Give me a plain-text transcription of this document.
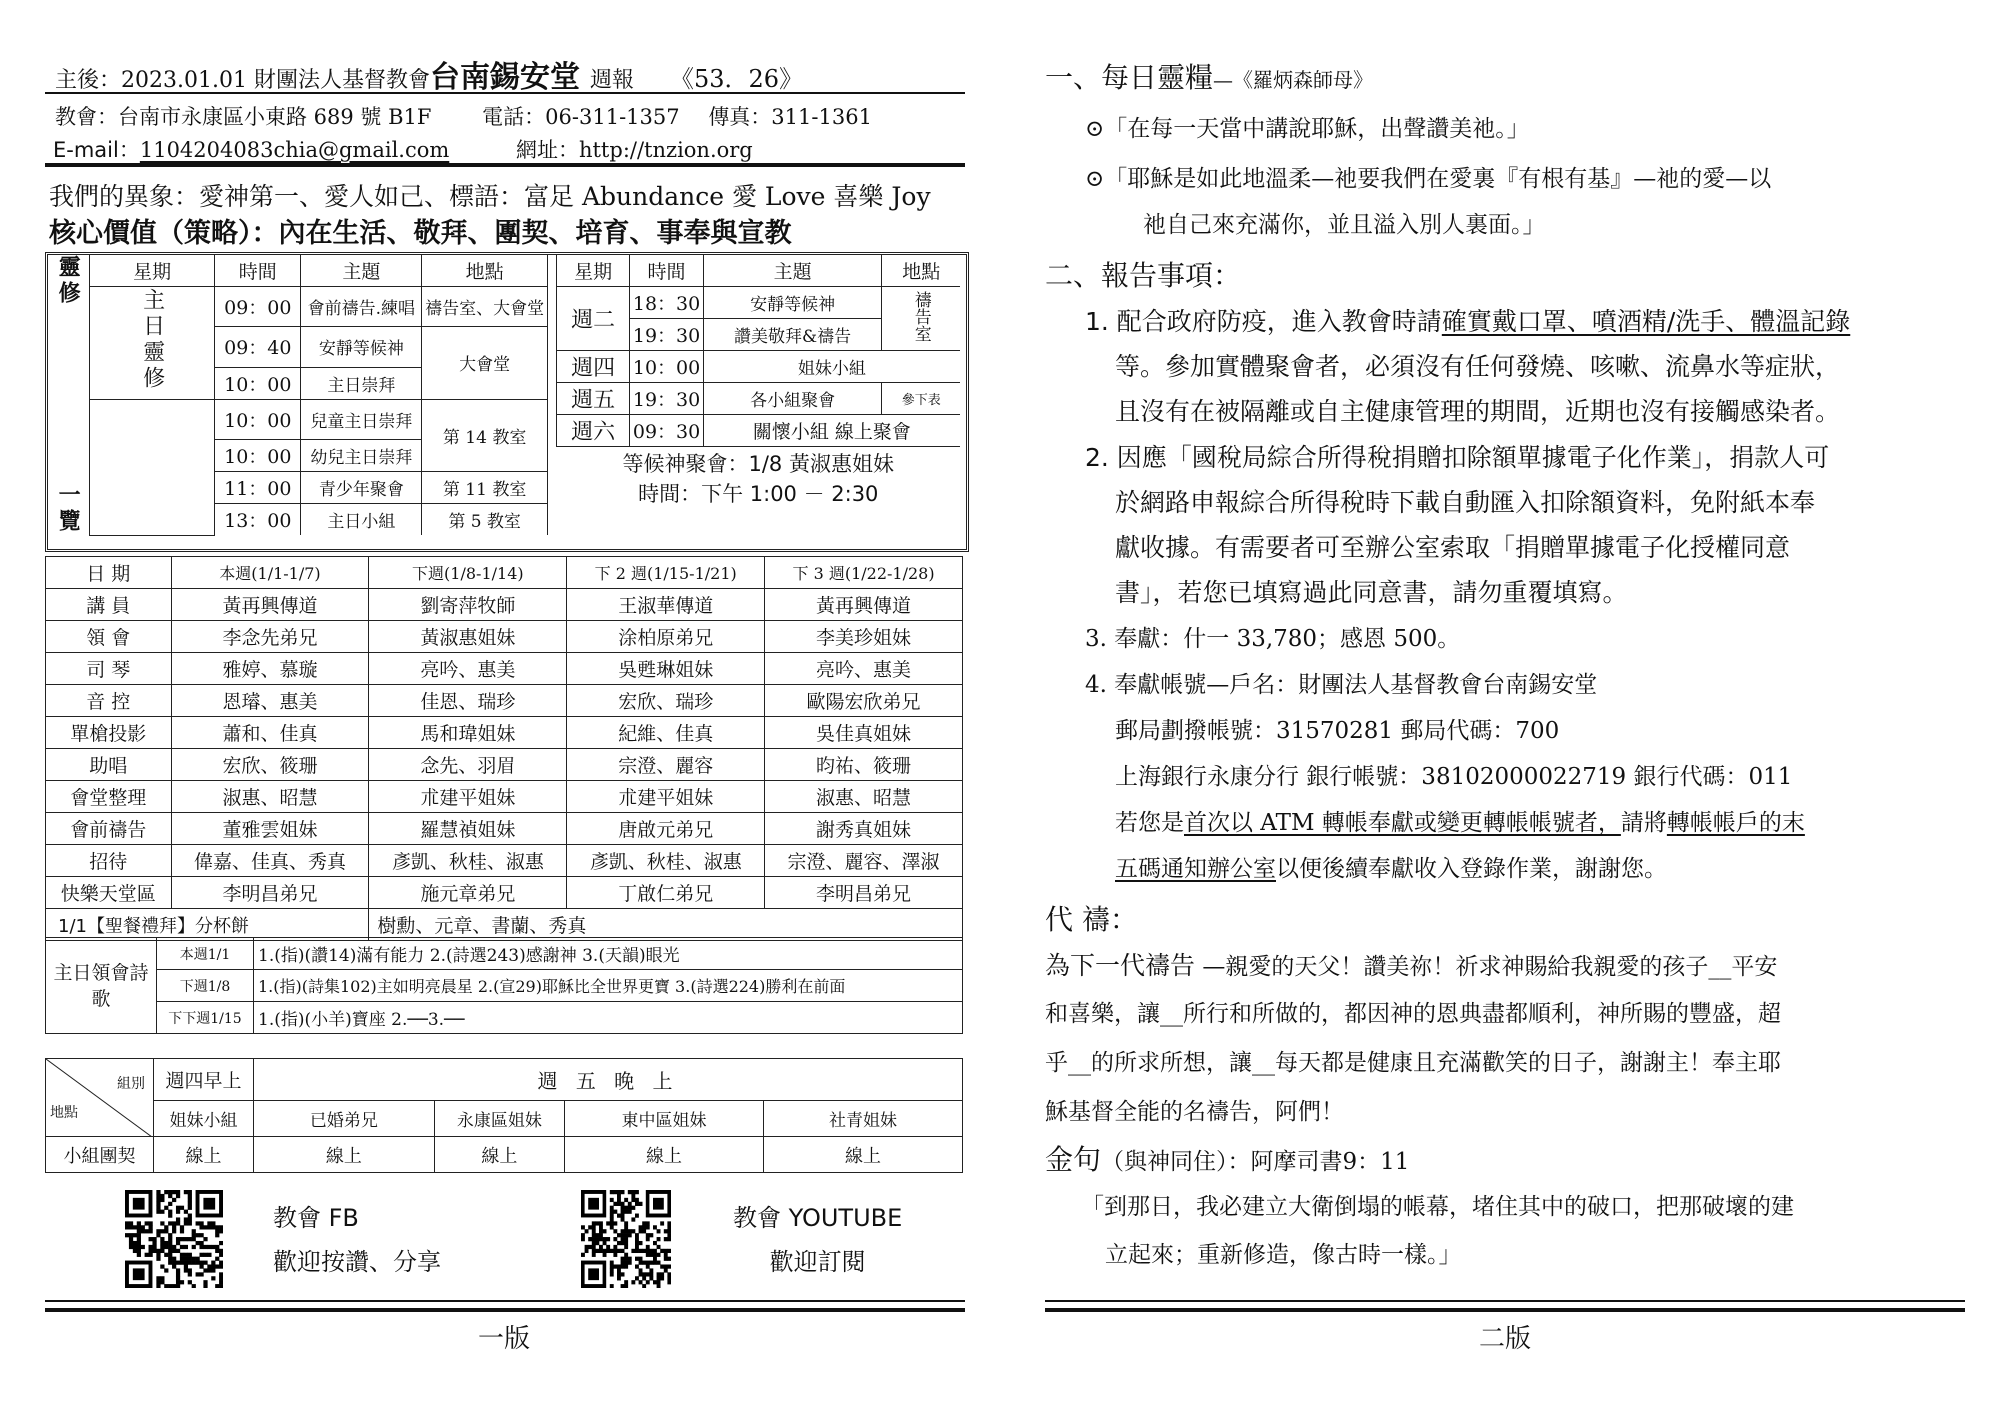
主後：2023.01.01 財團法人基督教會台南錫安堂 週報 《53．26》
教會：台南市永康區小東路 689 號 B1F 電話：06-311-1357 傳真：311-1361
E-mail：1104204083chia@gmail.com	網址：http://tnzion.org
我們的異象：愛神第一、愛人如己、標語：富足 Abundance 愛 Love 喜樂 Joy
核心價值（策略）：內在生活、敬拜、團契、培育、事奉與宣教
靈修
一覽	星期	時間	主題	地點
	主日靈修	09：00	會前禱告.練唱	禱告室、大會堂
		09：40	安靜等候神	大會堂
		10：00	主日崇拜	
		10：00	兒童主日崇拜	第 14 教室
		10：00	幼兒主日崇拜	
		11：00	青少年聚會	第 11 教室
		13：00	主日小組	第 5 教室
星期	時間	主題	地點
週二	18：30	安靜等候神	禱告室
	19：30	讚美敬拜&禱告	
週四	10：00	姐妹小組	
週五	19：30	各小組聚會	參下表
週六	09：30	關懷小組 線上聚會	

等候神聚會：1/8 黃淑惠姐妹
時間：下午 1:00 － 2:30			
日 期	本週(1/1-1/7)	下週(1/8-1/14)	下 2 週(1/15-1/21)	下 3 週(1/22-1/28)
講 員	黃再興傳道	劉寄萍牧師	王淑華傳道	黃再興傳道
領 會	李念先弟兄	黃淑惠姐妹	涂柏原弟兄	李美珍姐妹
司 琴	雅婷、慕璇	亮吟、惠美	吳甦琳姐妹	亮吟、惠美
音 控	恩璿、惠美	佳恩、瑞珍	宏欣、瑞珍	歐陽宏欣弟兄
單槍投影	蕭和、佳真	馬和瑋姐妹	紀維、佳真	吳佳真姐妹
助唱	宏欣、筱珊	念先、羽眉	宗澄、麗容	昀祐、筱珊
會堂整理	淑惠、昭慧	朮建平姐妹	朮建平姐妹	淑惠、昭慧
會前禱告	董雅雲姐妹	羅慧禎姐妹	唐啟元弟兄	謝秀真姐妹
招待	偉嘉、佳真、秀真	彥凱、秋桂、淑惠	彥凱、秋桂、淑惠	宗澄、麗容、澤淑
快樂天堂區	李明昌弟兄	施元章弟兄	丁啟仁弟兄	李明昌弟兄
1/1【聖餐禮拜】分杯餅		樹勳、元章、書蘭、秀真		
主日領會詩歌	本週1/1	1.(指)(讚14)滿有能力 2.(詩選243)感謝神 3.(天韻)眼光
	下週1/8	1.(指)(詩集102)主如明亮晨星 2.(宣29)耶穌比全世界更寶 3.(詩選224)勝利在前面
	下下週1/15	1.(指)(小羊)寶座 2.──3.──
組別
地點	週四早上	週 五 晚 上			
	姐妹小組	已婚弟兄	永康區姐妹	東中區姐妹	社青姐妹
小組團契	線上	線上	線上	線上	線上
教會 FB
歡迎按讚、分享
教會 YOUTUBE
歡迎訂閱
一版
一、每日靈糧—《羅炳森師母》
⊙「在每一天當中講說耶穌，出聲讚美祂。」
⊙「耶穌是如此地溫柔—祂要我們在愛裏『有根有基』—祂的愛—以
祂自己來充滿你，並且溢入別人裏面。」
二、報告事項：
1. 配合政府防疫，進入教會時請確實戴口罩、噴酒精/洗手、體溫記錄
等。參加實體聚會者，必須沒有任何發燒、咳嗽、流鼻水等症狀，
且沒有在被隔離或自主健康管理的期間，近期也沒有接觸感染者。
2. 因應「國稅局綜合所得稅捐贈扣除額單據電子化作業」，捐款人可
於網路申報綜合所得稅時下載自動匯入扣除額資料，免附紙本奉
獻收據。有需要者可至辦公室索取「捐贈單據電子化授權同意
書」，若您已填寫過此同意書，請勿重覆填寫。
3. 奉獻：什一 33,780；感恩 500。
4. 奉獻帳號—戶名：財團法人基督教會台南錫安堂
郵局劃撥帳號：31570281 郵局代碼：700
上海銀行永康分行 銀行帳號：38102000022719 銀行代碼：011
若您是首次以 ATM 轉帳奉獻或變更轉帳帳號者，請將轉帳帳戶的末
五碼通知辦公室以便後續奉獻收入登錄作業，謝謝您。
代 禱：
為下一代禱告 —親愛的天父！讚美祢！祈求神賜給我親愛的孩子__平安
和喜樂，讓__所行和所做的，都因神的恩典盡都順利，神所賜的豐盛，超
乎__的所求所想，讓__每天都是健康且充滿歡笑的日子，謝謝主！奉主耶
穌基督全能的名禱告，阿們！
金句（與神同住）：阿摩司書9：11
「到那日，我必建立大衛倒塌的帳幕，堵住其中的破口，把那破壞的建
立起來；重新修造，像古時一樣。」
二版
